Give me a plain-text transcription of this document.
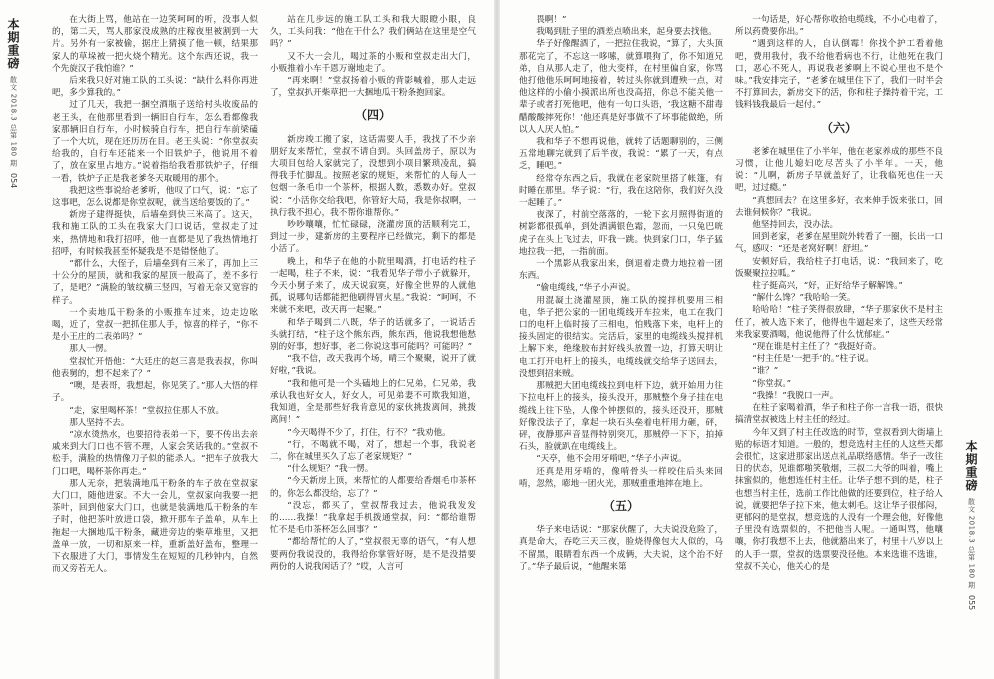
本期重磅
散文 2018.3 总第 180 期
054

在大街上骂，他站在一边笑呵呵的听，没事人似的，第二天，骂人那家没成熟的庄稼夜里被割到一大片。另外有一家被偷，据庄上猜摸了他一顿，结果那家人的草垛被一把火烧个精光。这个东西还说，我一个先旋汉子我怕谁？”

后来我只好对施工队的工头说：“缺什么料你再进吧，多少算我的。”

过了几天，我把一捆空酒瓶子送给村头收废品的老王头，在他那里看到一辆旧自行车，怎么看都像我家那辆旧自行车，小时候骑自行车，把自行车前梁磕了一个大坑，现在还历历在目。老王头说：“你堂叔卖给我的，自行车还能来一个旧铁炉子，他说用不着了，放在家里占地方。”说着指给我看那铁炉子，仔细一看，铁炉子正是我老爹冬天取暖用的那个。

我把这些事说给老爹听，他叹了口气，说：“忘了这事吧，怎么说都是你堂叔呢，就当送给要饭的了。”

新房子建得挺快，后墙垒到快三米高了。这天，我和施工队的工头在我家大门口说话，堂叔走了过来，热情地和我打招呼，他一直都是见了我热情地打招呼，有时候我甚至怀疑我是不是错怪他了。

“都什么，大侄子，后墙垒到有三米了，再加上三十公分的屋顶，就和我家的屋顶一般高了，差不多行了，是吧？”满脸的皱纹横三竖四，写着无奈又宽容的样子。

一个卖地瓜干粉条的小贩推车过来，边走边吆喝，近了，堂叔一把抓住那人手，惊喜的样子，“你不是小王庄的二表弟吗？”

那人一愣。

堂叔忙开悟他：“大廷庄的赵三喜是我表叔，你叫他表舅的，想不起来了？”

“噢，是表哥，我想起，你见笑了。”那人大悟的样子。

“走，家里喝杯茶！”堂叔拉住那人不放。

那人坚持不去。

“凉水烫热水，也要招待表弟一下，要不传出去亲戚来到大门口也不管不理，人家会笑话我的。”堂叔不松手，满脸的热情像刀子似的能杀人。“把车子放我大门口吧，喝杯茶你再走。”

那人无奈，把装满地瓜干粉条的车子放在堂叔家大门口，随他进家。不大一会儿，堂叔家向我要一把茶叶，回到他家大门口，也就是装满地瓜干粉条的车子时，他把茶叶放进口袋，掀开那车子盖单，从车上拖起一大捆地瓜干粉条，藏进旁边的柴草堆里，又把盖单一放，一切和原来一样，重新盖好盖布，整理一下衣服进了大门，事情发生在短短的几秒钟内，自然而又旁若无人。

站在几步远的施工队工头和我大眼瞪小眼，良久，工头问我：“他在干什么？我们俩站在这里是空气吗？”

又不大一会儿，喝过茶的小贩和堂叔走出大门，小贩推着小车千恩万谢地走了。

“再来啊！”堂叔扬着小贩的背影喊着，那人走远了，堂叔扒开柴草把一大捆地瓜干粉条抱回家。

（四）

新房竣工搬了家，这话需要人手，我找了不少亲朋好友来帮忙，堂叔不请自到。头回盖房子，原以为大项目包给人家就完了，没想到小项目繁琐凌乱，搞得我手忙脚乱。按照老家的规矩，来帮忙的人每人一包烟一条毛巾一个茶杯，根据人数，悉数办好。堂叔说：“小活你交给我吧，你管好大局，我是你叔啊，一执行我不担心，我不帮你谁帮你。”

吵吵嚷嚷，忙忙碌碌，浇灌房顶的活顺利完工，到过一步，建新房的主要程序已经做完，剩下的都是小活了。

晚上，和华子在他的小院里喝酒，打电话约柱子一起喝，柱子不来，说：“我看见华子带小子就躲开，今天小舅子来了，成天说寂寞，好像全世界的人就他孤，说哪句话都能把他刷得冒火星。”我说：“呵呵，不来就不来吧，改天再一起聚。”

和华子喝到二八既，华子的话就多了，一说话舌头就打结，“柱子这个熊东西，熊东西，他说我想他愁别的好事，想好事，老二你说这事可能吗？可能吗？”

“我不信，改天我再个场，晴三个聚聚，说开了就好啦，”我说。

“我和他可是一个头磕地上的仁兄弟，仁兄弟，我承认我也好女人，好女人，可见弟妻不可欺我知道，我知道，全是那些好我肯意见的家伙挑拨离间，挑拨离间！”

“今天喝得不少了，打住，行不？”我劝他。

“行，不喝就不喝，对了，想起一个事，我说老二，你在城里买久了忘了老家规矩？”

“什么规矩？”我一愣。

“今天新房上顶，来帮忙的人都要给香烟毛巾茶杯的，你怎么都没给，忘了？”

“没忘，都买了，堂叔帮我过去，他说我发发的……我操！”我拿起手机拨通堂叔，问：“都给谁帮忙不是毛巾茶杯怎么回事？”

“都给帮忙的人了，”堂叔很无辜的语气，“有人想要两份我说没的，我得给你掌管好呀，是不是没措要两份的人说我闲话了？”哎，人言可

畏啊！”

我喝到肚子里的酒差点喷出来，起身要去找他。

华子好像醒酒了，一把拉住我说，“算了，大头顶那花完了，不忘这一哆嗦，就算喂狗了，你不知道兄弟，自从那人走了，他大变样，在村里偏自家，你骂他打他他乐呵呵地接着，转过头你就到遭殃一点，对他这样的小偷小摸派出所也没高招，你总不能关他一辈子或者打死他吧，他有一句口头语，‘我这糖不甜毒醋酸酸摔死你！’他还真是好事做不了坏事能做绝，所以人人厌人怕。”

我和华子不想再说他，就转了话题聊别的，三侧五常地聊完就到了后半夜，我说：“累了一天，有点乏，睡吧。”

经常夺东西之后，我就在老家院里搭了帐篷，有时睡在那里。华子说：“行，我在这陪你，我们好久没一起睡了。”

夜深了，村前空落落的，一轮下玄月照得街道的树影都很孤单，到处洒满银色霜，忽而，一只兔巴咣虎子在头上飞过去，吓我一跳。快到家门口，华子猛地拉我一把，一指前面。

一个黑影从我家出来，倒退着走费力地拉着一团东西。

“偷电缆线，”华子小声说。

用混凝土浇灌屋顶，施工队的搅拌机要用三相电，华子把公家的一团电缆线开车拉来，电工在我门口的电杆上临时接了三相电，怕贱落下来，电杆上的接头固定的很结实。完活后，家里的电缆线头搅拌机上解下来，绝缘胶布封好线头放置一边，打算天明让电工打开电杆上的接头，电缆线就交给华子送回去，没想到招来贼。

那贼把大团电缆线拉到电杆下边，就开始用力往下拉电杆上的接头，接头没开，那贼整个身子挂在电缆线上往下坠，人像个钟摆似的，接头还没开，那贼好像没法子了，拿起一块石头垒着电杆用力砸，砰，砰，夜静那声音显得特别突兀，那贼停一下下，拍掉石头，脸就趴在电缆线上。

“天亭，他不会用牙啃吧，”华子小声说。

还真是用牙啃的，像啃骨头一样咬住后头来回啃，忽然，嘭地一团火光，那贼重重地摔在地上。

（五）

华子来电话说：“那家伙醒了，大夫说没危险了，真是命大，吞吃三天三夜，脸烧得像包大人似的，乌不留黑，眼睛看东西一个成俩，大夫说，这个治不好了。”华子最后说，“他醒来第

一句话是，好心帮你收拾电缆线，不小心电着了，所以药费要你出。”

“遇到这样的人，自认倒霉！你找个护工看着他吧，费用我付，我不给他看病也不行，让他死在我门口，恶心不死人，再说我老爹啊上不说心里也不是个味。”我安排完子，“老爹在城里住下了，我们一时半会不打算回去，新房交下的活，你和柱子操持着干完，工钱料钱我最后一起付。”

（六）

老爹在城里住了小半年，他在老家养成的那些不良习惯，让他儿媳妇吃尽苦头了小半年。一天，他说：“儿啊，新房子早就盖好了，让我临死也住一天吧，过过瘾。”

“真想回去？在这里多好，衣来伸手饭来张口，回去谁伺候你？”我说。

他坚持回去，没办法。

回到老家，老爹在屋里院外转看了一圈，长出一口气，感叹：“还是老窝好啊！舒坦。”

安顿好后，我给柱子打电话，说：“我回来了，吃饭聚聚拉拉呱。”

柱子挺高兴，“好，正好给华子解解馋。”

“解什么馋？”我哈哈一笑。

哈哈哈！”柱子笑得很放肆，“华子那家伙不是村主任了，被人选下来了，他得也牛逼起来了，这些天经常来我家要酒喝，他说他得了什么忧郁症。”

“现在谁是村主任了？”我挺好奇。

“村主任是‘一把手’的。”柱子说。

“谁？”

“你堂叔。”

“我操！”我脱口一声。

在柱子家喝着酒，华子和柱子你一言我一语，很快搞清堂叔被选上村主任的经过。

今年又到了村主任改选的时节，堂叔看到大街墙上贴的标语才知道。一般的，想竞选村主任的人这些天都会很忙，这家进那家出送点礼品联络感情。华子一改往日的伏态，见谁都啪笑敬烟，三叔二大爷的叫着，嘴上抹蜜似的，他想连任村主任。让华子想不到的是，柱子也想当村主任，选前工作比他做的还要到位，柱子给人说，就要把华子拉下来，他太刺毛。这让华子很郁闷，更郁闷的是堂叔，想竞选的人没有一个理会他，好像他子里没有选票似的，不把他当人呢。一通叫骂，他嚷嚷，你打我想不上去，他就豁出来了，村里十八岁以上的人手一票，堂叔的选票要没径他。本来选谁不选谁，堂叔不关心，他关心的是

本期重磅
散文 2018.3 总第 180 期
055
